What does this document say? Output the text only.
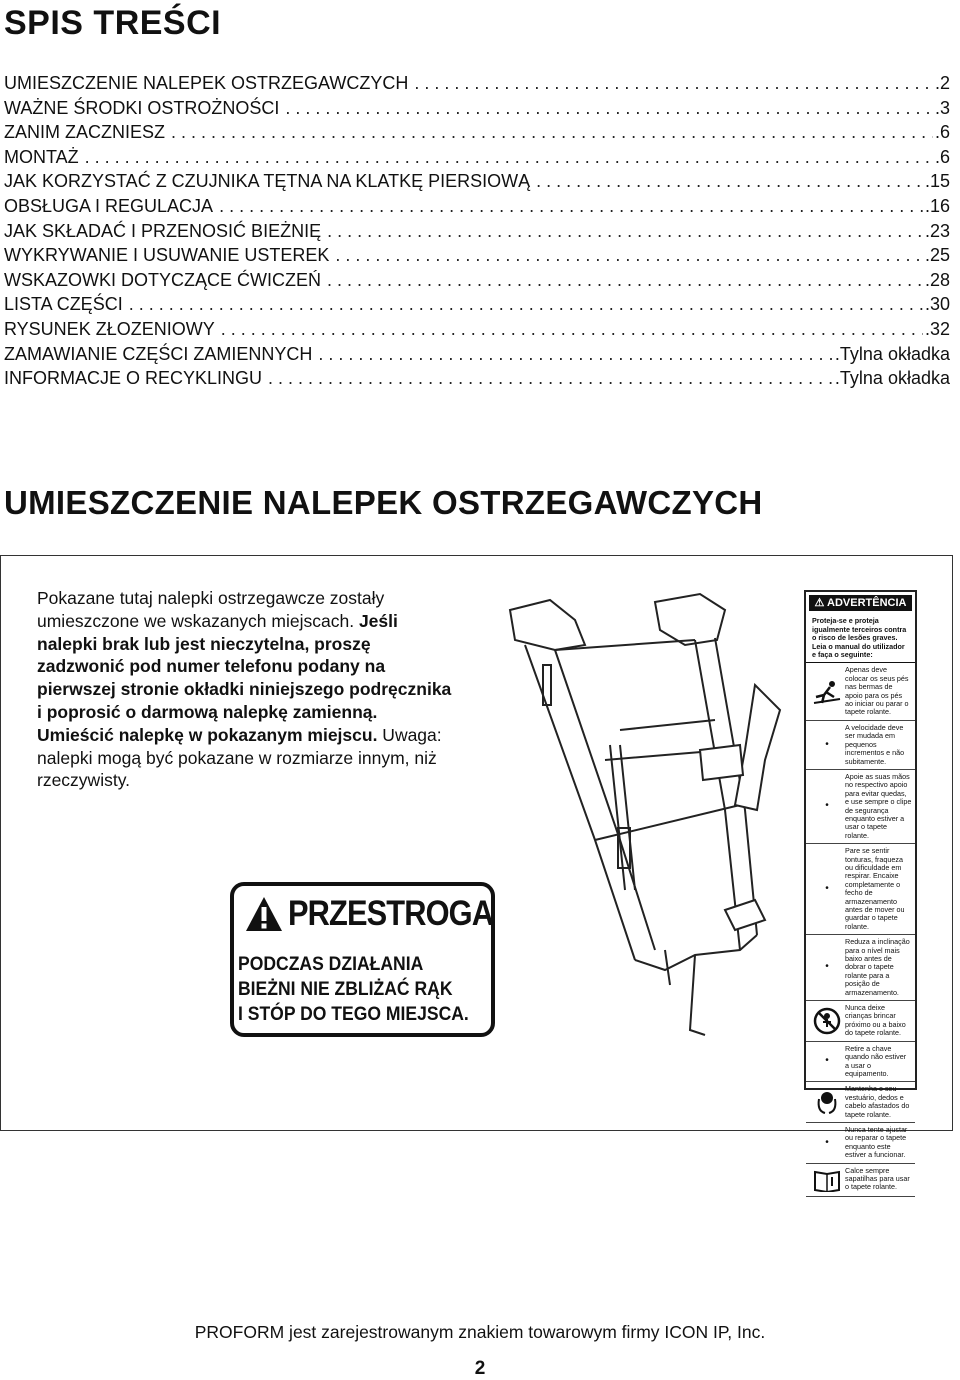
SPIS TREŚCI
UMIESZCZENIE NALEPEK OSTRZEGAWCZYCH . . .	.2
WAŻNE ŚRODKI OSTROŻNOŚCI . . .	.3
ZANIM ZACZNIESZ . . .	.6
MONTAŻ . . .	.6
JAK KORZYSTAĆ Z CZUJNIKA TĘTNA NA KLATKĘ PIERSIOWĄ . . .	.15
OBSŁUGA I REGULACJA . . .	.16
JAK SKŁADAĆ I PRZENOSIĆ BIEŻNIĘ . . .	.23
WYKRYWANIE I USUWANIE USTEREK . . .	.25
WSKAZOWKI DOTYCZĄCE ĆWICZEŃ . . .	.28
LISTA CZĘŚCI . . .	.30
RYSUNEK ZŁOZENIOWY . . .	.32
ZAMAWIANIE CZĘŚCI ZAMIENNYCH . . .	.Tylna okładka
INFORMACJE O RECYKLINGU . . .	.Tylna okładka
UMIESZCZENIE NALEPEK OSTRZEGAWCZYCH

Pokazane tutaj nalepki ostrzegawcze zostały umieszczone we wskazanych miejscach. Jeśli nalepki brak lub jest nieczytelna, proszę zadzwonić pod numer telefonu podany na pierwszej stronie okładki niniejszego podręcznika i poprosić o darmową nalepkę zamienną. Umieścić nalepkę w pokazanym miejscu. Uwaga: nalepki mogą być pokazane w rozmiarze innym, niż rzeczywisty.

PRZESTROGA
PODCZAS DZIAŁANIA
BIEŻNI NIE ZBLIŻAĆ RĄK
I STÓP DO TEGO MIEJSCA.
⚠ ADVERTÊNCIA
Proteja-se e proteja igualmente terceiros contra o risco de lesões graves. Leia o manual do utilizador e faça o seguinte:
Apenas deve colocar os seus pés nas bermas de apoio para os pés ao iniciar ou parar o tapete rolante.
•
A velocidade deve ser mudada em pequenos incrementos e não subitamente.
•
Apoie as suas mãos no respectivo apoio para evitar quedas, e use sempre o clipe de segurança enquanto estiver a usar o tapete rolante.
•
Pare se sentir tonturas, fraqueza ou dificuldade em respirar. Encaixe completamente o fecho de armazenamento antes de mover ou guardar o tapete rolante.
•
Reduza a inclinação para o nível mais baixo antes de dobrar o tapete rolante para a posição de armazenamento.
Nunca deixe crianças brincar próximo ou a baixo do tapete rolante.
•
Retire a chave quando não estiver a usar o equipamento.
Mantenha o seu vestuário, dedos e cabelo afastados do tapete rolante.
•
Nunca tente ajustar ou reparar o tapete enquanto este estiver a funcionar.
Calce sempre sapatilhas para usar o tapete rolante.

PROFORM jest zarejestrowanym znakiem towarowym firmy ICON IP, Inc.

2
